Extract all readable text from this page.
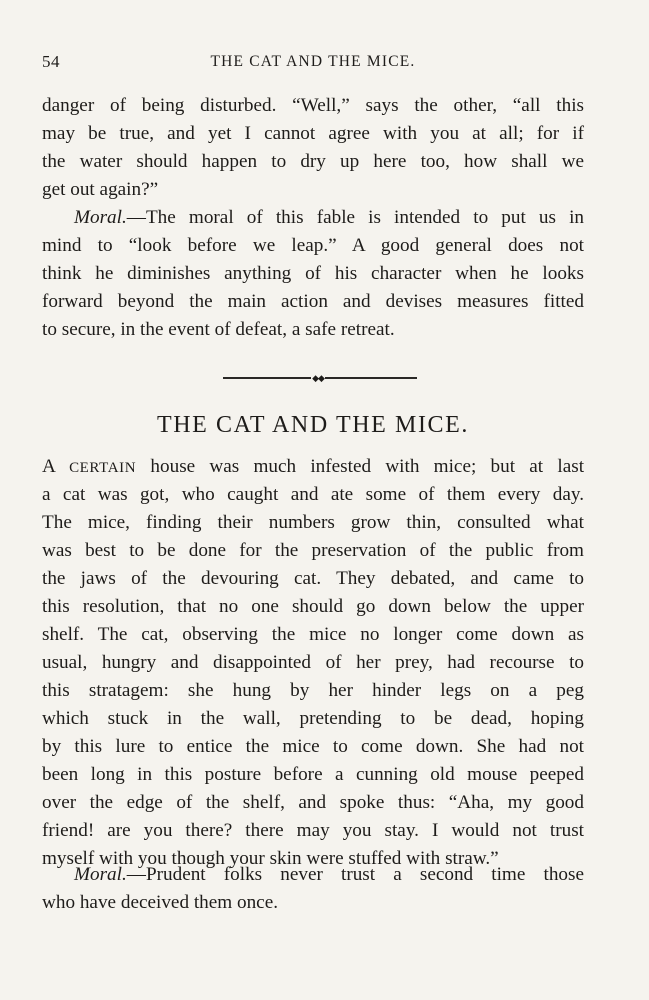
54	THE CAT AND THE MICE.
danger of being disturbed. “Well,” says the other, “all this
may be true, and yet I cannot agree with you at all; for if
the water should happen to dry up here too, how shall we
get out again?”
Moral.—The moral of this fable is intended to put us in
mind to “look before we leap.” A good general does not
think he diminishes anything of his character when he looks
forward beyond the main action and devises measures fitted
to secure, in the event of defeat, a safe retreat.
◆◆
THE CAT AND THE MICE.
A CERTAIN house was much infested with mice; but at last
a cat was got, who caught and ate some of them every day.
The mice, finding their numbers grow thin, consulted what
was best to be done for the preservation of the public from
the jaws of the devouring cat. They debated, and came to
this resolution, that no one should go down below the upper
shelf. The cat, observing the mice no longer come down as
usual, hungry and disappointed of her prey, had recourse to
this stratagem: she hung by her hinder legs on a peg
which stuck in the wall, pretending to be dead, hoping
by this lure to entice the mice to come down. She had not
been long in this posture before a cunning old mouse peeped
over the edge of the shelf, and spoke thus: “Aha, my good
friend! are you there? there may you stay. I would not trust
myself with you though your skin were stuffed with straw.”
Moral.—Prudent folks never trust a second time those
who have deceived them once.
